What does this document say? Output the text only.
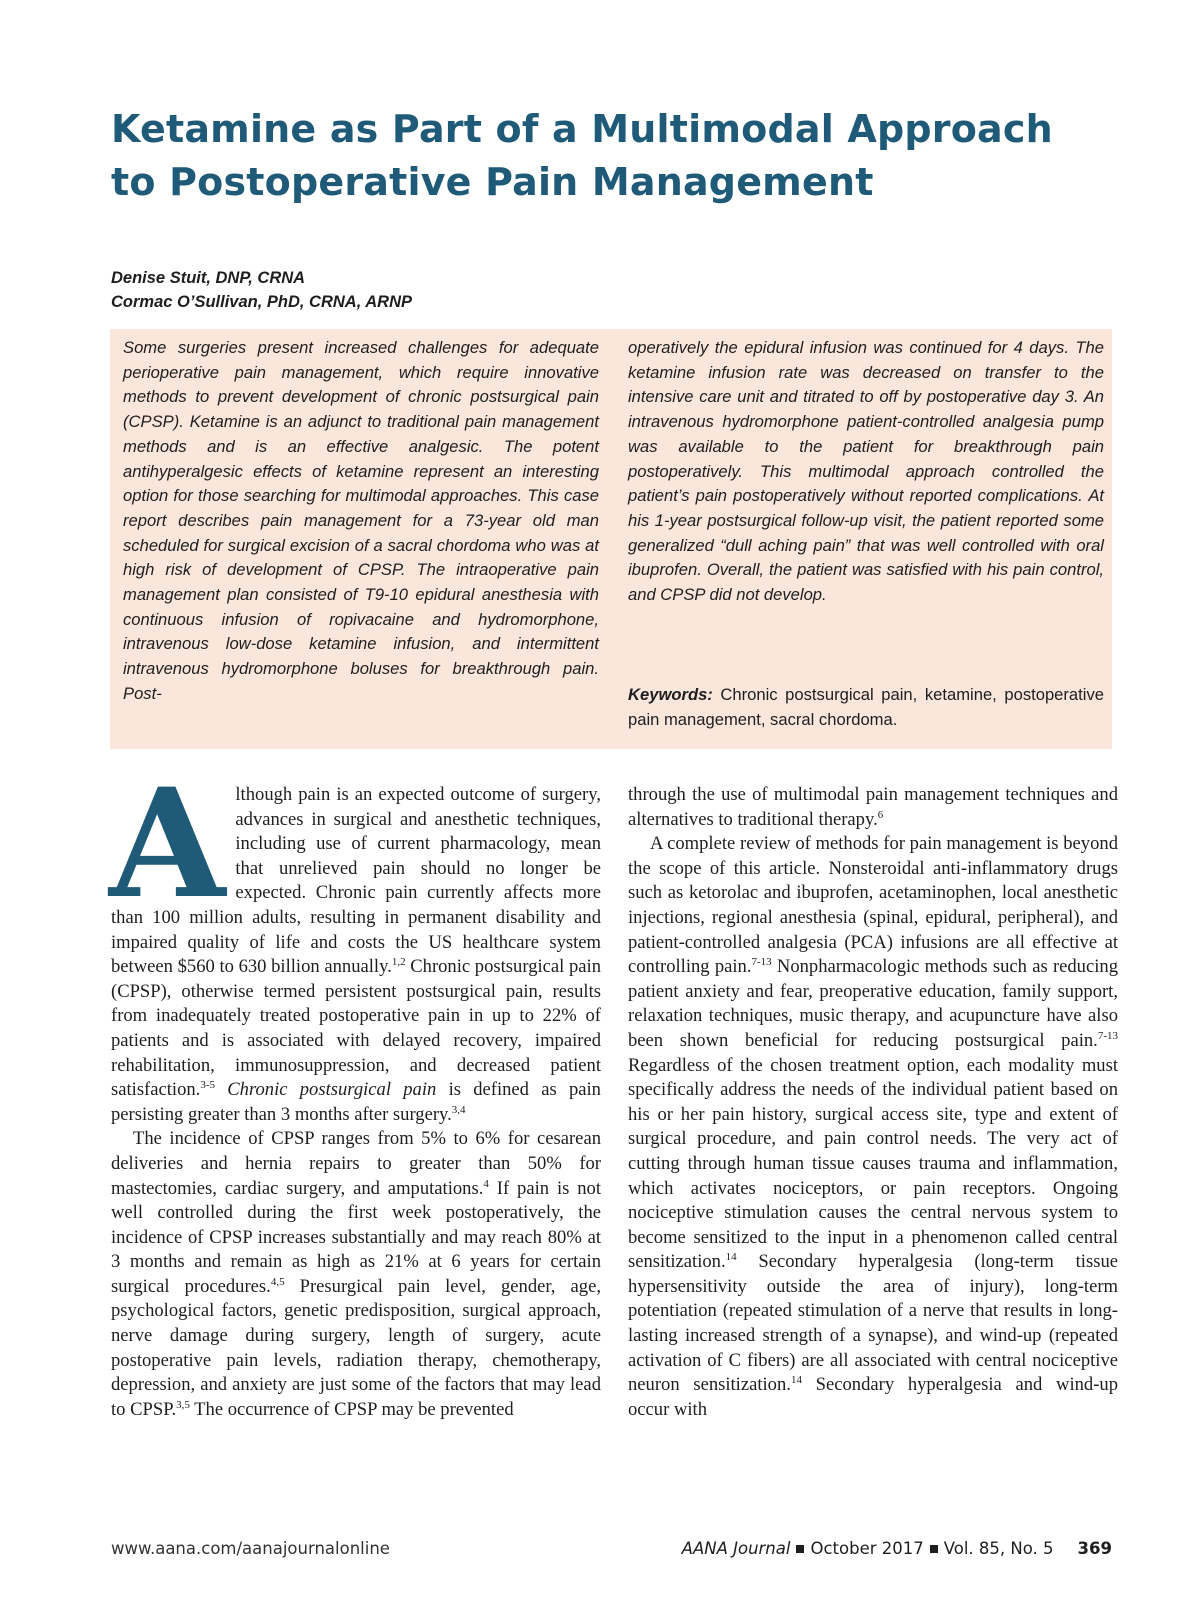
Ketamine as Part of a Multimodal Approach
to Postoperative Pain Management
Denise Stuit, DNP, CRNA
Cormac O’Sullivan, PhD, CRNA, ARNP

Some surgeries present increased challenges for adequate perioperative pain management, which require innovative methods to prevent development of chronic postsurgical pain (CPSP). Ketamine is an adjunct to traditional pain management methods and is an effective analgesic. The potent antihyperalgesic effects of ketamine represent an interesting option for those searching for multimodal approaches. This case report describes pain management for a 73-year old man scheduled for surgical excision of a sacral chordoma who was at high risk of development of CPSP. The intraoperative pain management plan consisted of T9-10 epidural anesthesia with continuous infusion of ropivacaine and hydromorphone, intravenous low-dose ketamine infusion, and intermittent intravenous hydromorphone boluses for breakthrough pain. Post-

operatively the epidural infusion was continued for 4 days. The ketamine infusion rate was decreased on transfer to the intensive care unit and titrated to off by postoperative day 3. An intravenous hydromorphone patient-controlled analgesia pump was available to the patient for breakthrough pain postoperatively. This multimodal approach controlled the patient’s pain postoperatively without reported complications. At his 1-year postsurgical follow-up visit, the patient reported some generalized “dull aching pain” that was well controlled with oral ibuprofen. Overall, the patient was satisfied with his pain control, and CPSP did not develop.

Keywords: Chronic postsurgical pain, ketamine, postoperative pain management, sacral chordoma.

Although pain is an expected outcome of surgery, advances in surgical and anesthetic techniques, including use of current pharmacology, mean that unrelieved pain should no longer be expected. Chronic pain currently affects more than 100 million adults, resulting in permanent disability and impaired quality of life and costs the US healthcare system between $560 to 630 billion annually.$^{1,2}$ Chronic postsurgical pain (CPSP), otherwise termed persistent postsurgical pain, results from inadequately treated postoperative pain in up to 22% of patients and is associated with delayed recovery, impaired rehabilitation, immunosuppression, and decreased patient satisfaction.$^{3-5}$ Chronic postsurgical pain is defined as pain persisting greater than 3 months after surgery.$^{3,4}$

The incidence of CPSP ranges from 5% to 6% for cesarean deliveries and hernia repairs to greater than 50% for mastectomies, cardiac surgery, and amputations.$^4$ If pain is not well controlled during the first week postoperatively, the incidence of CPSP increases substantially and may reach 80% at 3 months and remain as high as 21% at 6 years for certain surgical procedures.$^{4,5}$ Presurgical pain level, gender, age, psychological factors, genetic predisposition, surgical approach, nerve damage during surgery, length of surgery, acute postoperative pain levels, radiation therapy, chemotherapy, depression, and anxiety are just some of the factors that may lead to CPSP.$^{3,5}$ The occurrence of CPSP may be prevented

through the use of multimodal pain management techniques and alternatives to traditional therapy.$^6$

A complete review of methods for pain management is beyond the scope of this article. Nonsteroidal anti-inflammatory drugs such as ketorolac and ibuprofen, acetaminophen, local anesthetic injections, regional anesthesia (spinal, epidural, peripheral), and patient-controlled analgesia (PCA) infusions are all effective at controlling pain.$^{7-13}$ Nonpharmacologic methods such as reducing patient anxiety and fear, preoperative education, family support, relaxation techniques, music therapy, and acupuncture have also been shown beneficial for reducing postsurgical pain.$^{7-13}$ Regardless of the chosen treatment option, each modality must specifically address the needs of the individual patient based on his or her pain history, surgical access site, type and extent of surgical procedure, and pain control needs. The very act of cutting through human tissue causes trauma and inflammation, which activates nociceptors, or pain receptors. Ongoing nociceptive stimulation causes the central nervous system to become sensitized to the input in a phenomenon called central sensitization.$^{14}$ Secondary hyperalgesia (long-term tissue hypersensitivity outside the area of injury), long-term potentiation (repeated stimulation of a nerve that results in long-lasting increased strength of a synapse), and wind-up (repeated activation of C fibers) are all associated with central nociceptive neuron sensitization.$^{14}$ Secondary hyperalgesia and wind-up occur with

www.aana.com/aanajournalonline	AANA Journal October 2017 Vol. 85, No. 5 369
